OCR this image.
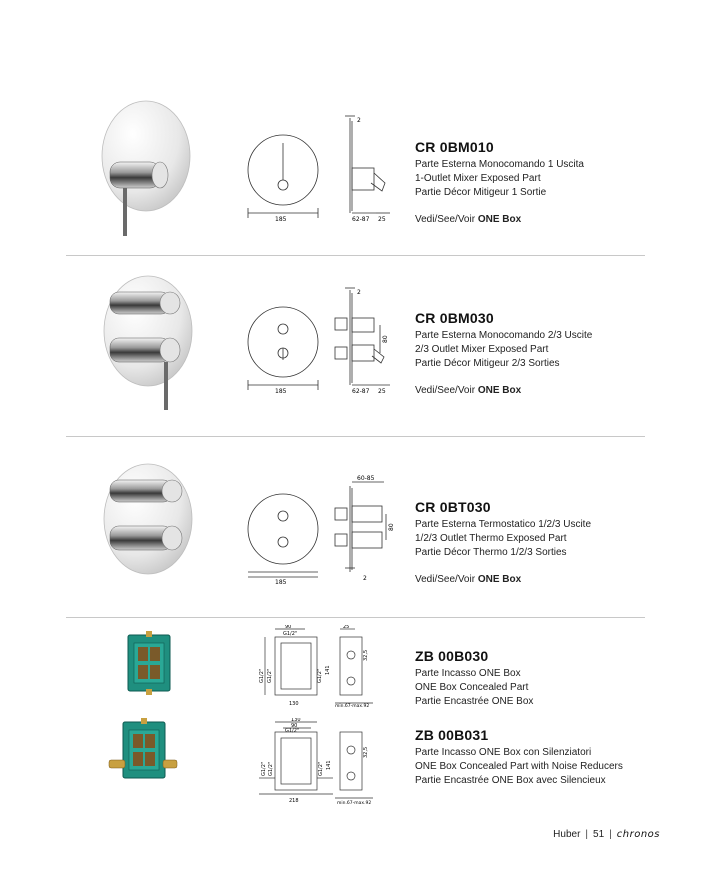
2
185	62-87 25
CR 0BM010
Parte Esterna Monocomando 1 Uscita
1-Outlet Mixer Exposed Part
Partie Décor Mitigeur 1 Sortie
Vedi/See/Voir ONE Box
2
80
185	62-87 25
CR 0BM030
Parte Esterna Monocomando 2/3 Uscite
2/3 Outlet Mixer Exposed Part
Partie Décor Mitigeur 2/3 Sorties
Vedi/See/Voir ONE Box
60-85
80
185
2
CR 0BT030
Parte Esterna Termostatico 1/2/3 Uscite
1/2/3 Outlet Thermo Exposed Part
Partie Décor Thermo 1/2/3 Sorties
Vedi/See/Voir ONE Box
90	25
G1/2"
G1/2" G1/2"	G1/2" 141
32,5
130	min.67-max.92
ZB 00B030
Parte Incasso ONE Box
ONE Box Concealed Part
Partie Encastrée ONE Box
130
90
G1/2"
G1/2" G1/2"	G1/2" 141
32,5
218	min.67-max.92
ZB 00B031
Parte Incasso ONE Box con Silenziatori
ONE Box Concealed Part with Noise Reducers
Partie Encastrée ONE Box avec Silencieux
Huber | 51 | chronos
